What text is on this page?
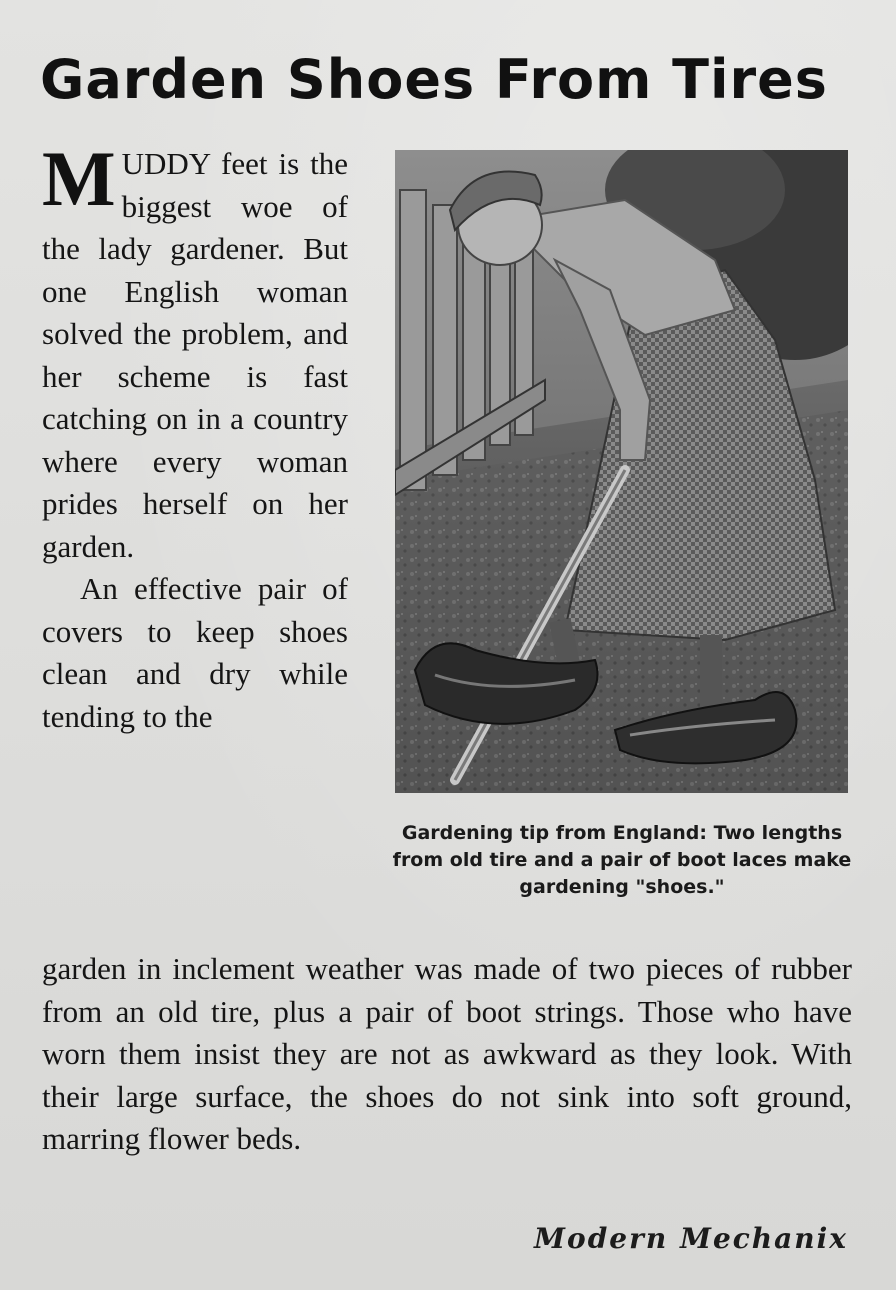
Garden Shoes From Tires

MUDDY feet is the biggest woe of the lady gardener. But one English woman solved the problem, and her scheme is fast catching on in a country where every woman prides herself on her garden.

An effective pair of covers to keep shoes clean and dry while tending to the

Gardening tip from England: Two lengths from old tire and a pair of boot laces make gardening "shoes."

garden in inclement weather was made of two pieces of rubber from an old tire, plus a pair of boot strings. Those who have worn them insist they are not as awkward as they look. With their large surface, the shoes do not sink into soft ground, marring flower beds.

Modern Mechanix
